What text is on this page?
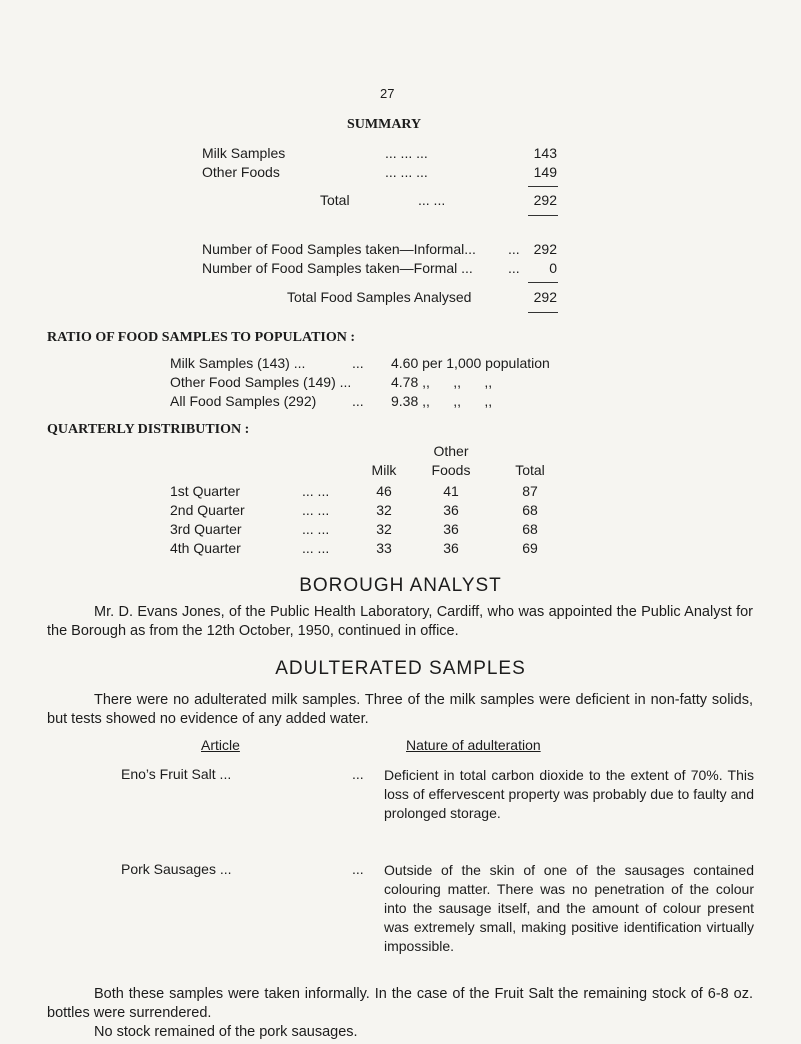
27
SUMMARY
Milk Samples	... ... ...	143
Other Foods	... ... ...	149
Total	... ...	292
Number of Food Samples taken—Informal... ... 292
Number of Food Samples taken—Formal ...	...	0
Total Food Samples Analysed	292
RATIO OF FOOD SAMPLES TO POPULATION :
Milk Samples (143) ...	... 4.60 per 1,000 population
Other Food Samples (149) ...	4.78 ,,      ,,      ,,
All Food Samples (292)	... 9.38 ,,      ,,      ,,
QUARTERLY DISTRIBUTION :
Other
Milk	Foods	Total
1st Quarter	... ...	46	41	87
2nd Quarter	... ...	32	36	68
3rd Quarter	... ...	32	36	68
4th Quarter	... ...	33	36	69
BOROUGH ANALYST
Mr. D. Evans Jones, of the Public Health Laboratory, Cardiff, who was appointed the Public Analyst for the Borough as from the 12th October, 1950, continued in office.
ADULTERATED SAMPLES
There were no adulterated milk samples. Three of the milk samples were deficient in non-fatty solids, but tests showed no evidence of any added water.
Article	Nature of adulteration
Eno’s Fruit Salt ...	... Deficient in total carbon dioxide to the extent of 70%. This loss of effervescent property was probably due to faulty and prolonged storage.
Pork Sausages ...	... Outside of the skin of one of the sausages contained colouring matter. There was no penetration of the colour into the sausage itself, and the amount of colour present was extremely small, making positive identification virtually impossible.
Both these samples were taken informally. In the case of the Fruit Salt the remaining stock of 6-8 oz. bottles were surrendered.
No stock remained of the pork sausages.
